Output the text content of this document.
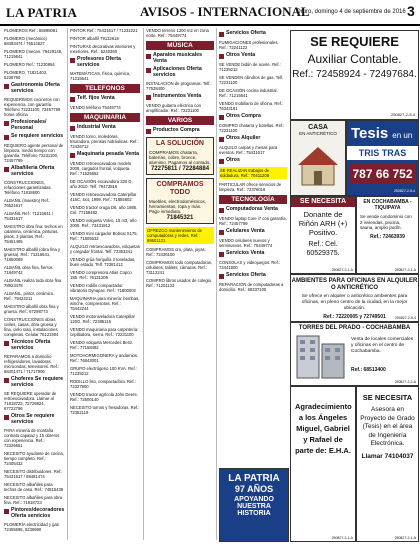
LA PATRIA	AVISOS - INTERNACIONAL
Oruro, domingo 4 de septiembre de 2016 3

PLOMEROS Ref.: 65998081

PLOMERO (mecánico) 68483474 / 76514627

PLOMERO (mecan. 79429149, 71215641

PLOMERO Ref.: 71230954

PLOMERO, 71821403, 5236790

Gastronomía Oferta servicios

REQUERIMOS cocineros con experiencia, con garantía. Teléfono 72231100, 72457799 horas oficina

Profesionales/ Personal
Se requiere servicios

REQUIERO agente personal de limpieza, medio tiempo con garantía. Teléfono 72231100, 72457799

Albañilería Oferta servicios

CONSTRUCCIONES, refacciones garantizadas. Teléfono 71818600

ALBAÑIL (maestro) Ref.: 76531617

ALBAÑIL Ref.: 71215641 / 75431617

MAESTRO obra fina: techos en calamina, cerámica, pinturas, pisos, 3 plantas. Ref.: 75451465

MAESTRO albañil (obra fina y gruesa). Ref.: 71215641, 71850069

ALBAÑIL obra fina, fierros 71849742

ALBAÑIL realiza toda obra fina 78923478

ALBAÑIL, pintor, cerámico. Ref.: 79424211

MAESTRO albañil obra fina y gruesa. Ref.: 67298773

CONSTRUCCIONES obras civiles, casas, obra gruesa y fina, cielo raso, instalaciones completas. Celular 76121904

Técnicos Oferta servicios

REPARAMOS a domicilio refrigeradores, lavadoras, microondas, televisores. Ref.: 68401471 / 71717906

Choferes Se requiere servicios

SE REQUIERE operador de retroexcavadora. Llamar al 71818723, 72729824, 67722796

Otros Se requiere servicios

PARA minería de montaña contrato capataz y 15 obreros con experiencia. Ref.: 72326651

NECESITO ayudante de cocina, tiempo completo. Ref.: 72405432

NECESITO distribuidores. Ref.: 75431617 / 68481474

NECESITO albañiles para techos de casa. Ref.: 74815438

NECESITO albañiles para obra fina. Ref.: 71818723

Pintores/decoradores Oferta servicios

PLOMERÍA electricidad y gas 72455695, 5236960

PINTOR Ref.: 75431617 / 71232221

PINTOR albañil 79132618

PINTURAS decorativas interiores y exteriores. Ref.: 5240360

Profesores Oferta servicios

MATEMÁTICAS, física, química, 71215641

TELEFONOS
Telf. fijos Venta

VENDO teléfono 75449774

MAQUINARIA
Industrial Venta

VENDO torno, moledoras, trituradora, prensas hidráulicas. Ref.: 72426712

Maquinaria pesada Venta

VENDO retroexcavadora modelo 2008, cargador frontal, volqueta. Ref.: 71525652

DE OCASIÓN excavadora 320 D, año 2010. Telf. 79473816

VENDO retroexcavadora Caterpillar 416C, 4x4, 1999. Ref.: 71855602

VENDO tractor oruga D6, año 1985. Cel. 77158492

VENDO volqueta Volvo, 15 m3, año 2005. Ref.: 73431912

VENDO mini cargador Bobcat S175. Ref.: 71805532

ALQUILO retroexcavadora, volquetas y cargador frontal. Telf. 72353241

VENDO grúa horquilla 3 toneladas, buen estado. Telf. 72381412

VENDO compresora Atlas Copco 185. Ref.: 76131209

VENDO rodillo compactador vibratorio Dynapac. Ref.: 71800002

MAQUINARIA para minería: bombas, winche, compresoras. Ref.: 75442244

VENDO motoniveladora Caterpillar 120G. Ref.: 72385116

VENDO maquinaria para carpintería: cepilladora, sierra. Ref.: 72231100

VENDO volqueta Mercedes Benz. Ref.: 77158492

MOTOHORMIGONERA y andamios. Ref.: 76843001

GRUPO electrógeno 100 KVA. Ref.: 71239212

RODILLO liso, compactadora. Ref.: 72327800

VENDO tractor agrícola John Deere. Ref.: 72500140

NECESITO tornos y fresadoras. Ref.: 72352119

VENDO terreno 1200 m2 en zona norte. Ref.: 75449774

MÚSICA
Aparatos musicales Venta
Aplicaciones Oferta servicios

INSTALACIÓN de programas. Telf.: 77538400

Instrumentos Venta

VENDO guitarra eléctrica con amplificador. Ref.: 72231100

VARIOS
Productos Compra
LA SOLUCIÓN
COMPRAMOS chatarra, baterías, cobre, bronce, aluminio. Pagamos al contado.
72275811 / 72284884
COMPRAMOS TODO
Muebles, electrodomésticos, herramientas, ropa y más. Pago inmediato.
71845321

OFREZCO mantenimiento de computadoras y redes. Ref.: 69601121

COMPRAMOS oro, plata, joyas. Ref.: 72436100

COMPRAMOS todo computadoras, celulares, tablets, cámaras. Ref.: 73112241

COMPRO libros usados de colegio. Ref.: 71201133

Servicios Oferta

FUMIGACIONES profesionales. Ref.: 72241122

Otros Venta

SE VENDE bidón de aceite. Ref.: 71239212

SE VENDEN cilindros de gas. Telf. 72231100

DE OCASIÓN cocina industrial. Ref.: 71215641

VENDO mobiliario de oficina. Ref.: 76343161

Otros Compra

COMPRO chatarra y botellas. Ref.: 72231100

Otros Alquiler

ALQUILO carpas y mesas para eventos. Ref.: 75431617

Otros

SE REALIZAN trabajos de soldadura, Ref.: 70411208

PARTICULAR ofrece servicios de limpieza. Ref.: 72376016

TECNOLOGÍA
Computadoras Venta

VENDO laptop Core i7 con garantía. Ref.: 72457799

Celulares Venta

VENDO celulares nuevos y seminuevos. Ref.: 75449774

Servicios Venta

CONSOLAS y videojuegos. Ref.: 72441900

Servicios Oferta

REPARACIÓN de computadoras a domicilio. Ref.: 68337100

SE REQUIERE
Auxiliar Contable.
Ref.: 72458924 - 72497684.
250827-2-5-4
CASA
EN ANTICRÉTICO Tesis en un
TRIS TRAS
787 66 752
250827-2-5-4
SE NECESITA
Donante de Riñón ARH (+) Positivo.
Ref.: Cel. 60529375.
250827-2-1-A
EN COCHABAMBA - TIQUIPAYA
Se vende condominio con 2 viviendas, piscina, sauna, amplio jardín.
Ref.: 72463939
250827-2-1-A
AMBIENTES PARA OFICINAS EN ALQUILER O ANTICRÉTICO
Se ofrece en alquiler o anticrético ambientes para oficinas, en pleno centro de la ciudad, en la mejor ubicación.
Ref.: 72220005 y 72749501	250827-2-5-4
TORRES DEL PRADO - COCHABAMBA
Venta de locales comerciales y oficinas en el centro de Cochabamba.
Ref.: 68513400
250827-2-2-A
Agradecimiento a los Ángeles Miguel, Gabriel y Rafael de parte de: E.H.A.
250827-2-1-A
LA PATRIA
97 AÑOS
APOYANDO
NUESTRA
HISTORIA
SE NECESITA
Asesora en Proyecto de Grado (Tesis) en el área de Ingeniería Electrónica.
Llamar 74104037
250827-2-1-A
